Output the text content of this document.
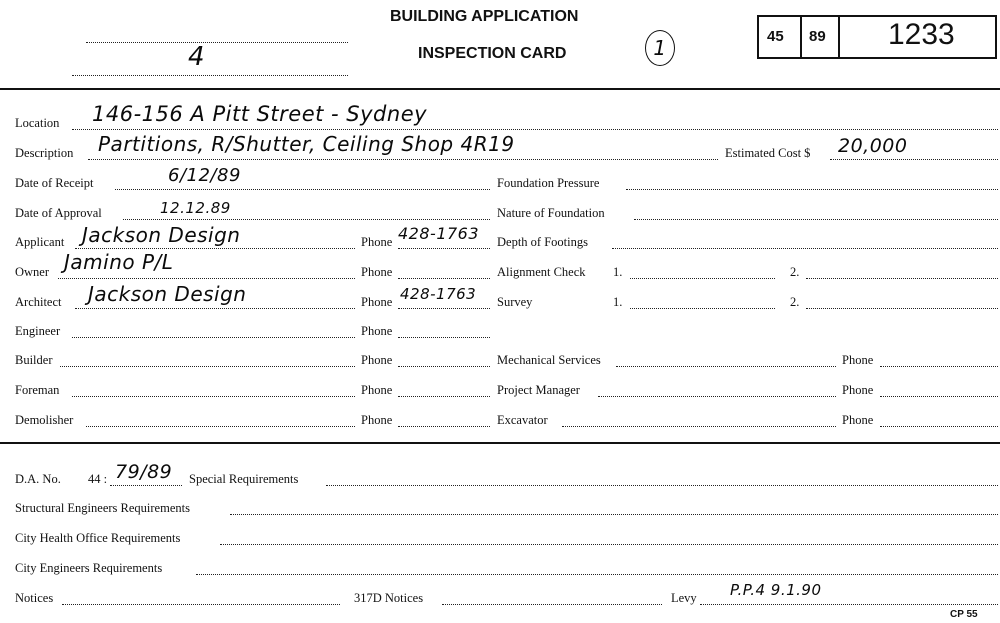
4
BUILDING APPLICATION
INSPECTION CARD	1	45 89 1233
Location 146-156 A Pitt Street - Sydney
Description Partitions, R/Shutter, Ceiling Shop 4R19	Estimated Cost $ 20,000
Date of Receipt	6/12/89
Date of Approval	12.12.89
Applicant Jackson Design	Phone 428-1763
Owner Jamino P/L	Phone
Architect Jackson Design	Phone 428-1763
Engineer	Phone
Builder	Phone
Foreman	Phone
Demolisher	Phone
Foundation Pressure
Nature of Foundation
Depth of Footings
Alignment Check 1.	2.
Survey	1.	2.
Mechanical Services	Phone
Project Manager	Phone
Excavator	Phone
D.A. No. 44 : 79/89 Special Requirements
Structural Engineers Requirements
City Health Office Requirements
City Engineers Requirements
Notices	317D Notices	Levy P.P.4 9.1.90
CP 55
